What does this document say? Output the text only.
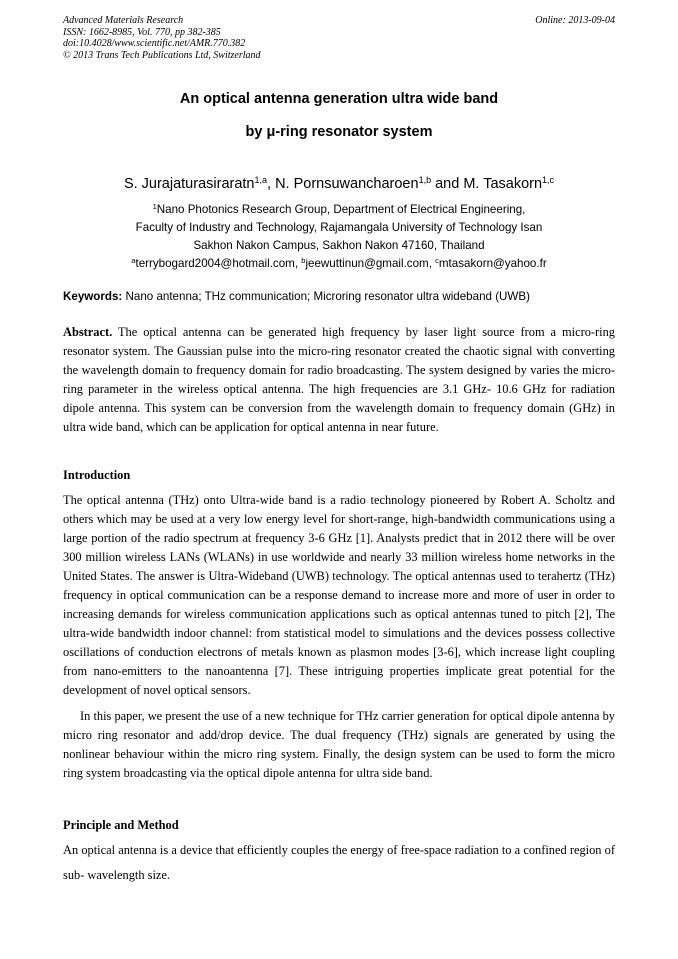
Advanced Materials Research
ISSN: 1662-8985, Vol. 770, pp 382-385
doi:10.4028/www.scientific.net/AMR.770.382
© 2013 Trans Tech Publications Ltd, Switzerland
Online: 2013-09-04
An optical antenna generation ultra wide band
by μ-ring resonator system
S. Jurajaturasiraratn$^{1,a}$, N. Pornsuwancharoen$^{1,b}$ and M. Tasakorn$^{1,c}$
$^1$Nano Photonics Research Group, Department of Electrical Engineering,
Faculty of Industry and Technology, Rajamangala University of Technology Isan
Sakhon Nakon Campus, Sakhon Nakon 47160, Thailand
$^a$terrybogard2004@hotmail.com, $^b$jeewuttinun@gmail.com, $^c$mtasakorn@yahoo.fr
Keywords: Nano antenna; THz communication; Microring resonator ultra wideband (UWB)
Abstract. The optical antenna can be generated high frequency by laser light source from a micro-ring resonator system. The Gaussian pulse into the micro-ring resonator created the chaotic signal with converting the wavelength domain to frequency domain for radio broadcasting. The system designed by varies the micro-ring parameter in the wireless optical antenna. The high frequencies are 3.1 GHz- 10.6 GHz for radiation dipole antenna. This system can be conversion from the wavelength domain to frequency domain (GHz) in ultra wide band, which can be application for optical antenna in near future.
Introduction
The optical antenna (THz) onto Ultra-wide band is a radio technology pioneered by Robert A. Scholtz and others which may be used at a very low energy level for short-range, high-bandwidth communications using a large portion of the radio spectrum at frequency 3-6 GHz [1]. Analysts predict that in 2012 there will be over 300 million wireless LANs (WLANs) in use worldwide and nearly 33 million wireless home networks in the United States. The answer is Ultra-Wideband (UWB) technology. The optical antennas used to terahertz (THz) frequency in optical communication can be a response demand to increase more and more of user in order to increasing demands for wireless communication applications such as optical antennas tuned to pitch [2], The ultra-wide bandwidth indoor channel: from statistical model to simulations and the devices possess collective oscillations of conduction electrons of metals known as plasmon modes [3-6], which increase light coupling from nano-emitters to the nanoantenna [7]. These intriguing properties implicate great potential for the development of novel optical sensors.
In this paper, we present the use of a new technique for THz carrier generation for optical dipole antenna by micro ring resonator and add/drop device. The dual frequency (THz) signals are generated by using the nonlinear behaviour within the micro ring system. Finally, the design system can be used to form the micro ring system broadcasting via the optical dipole antenna for ultra side band.
Principle and Method
An optical antenna is a device that efficiently couples the energy of free-space radiation to a confined region of sub- wavelength size.
